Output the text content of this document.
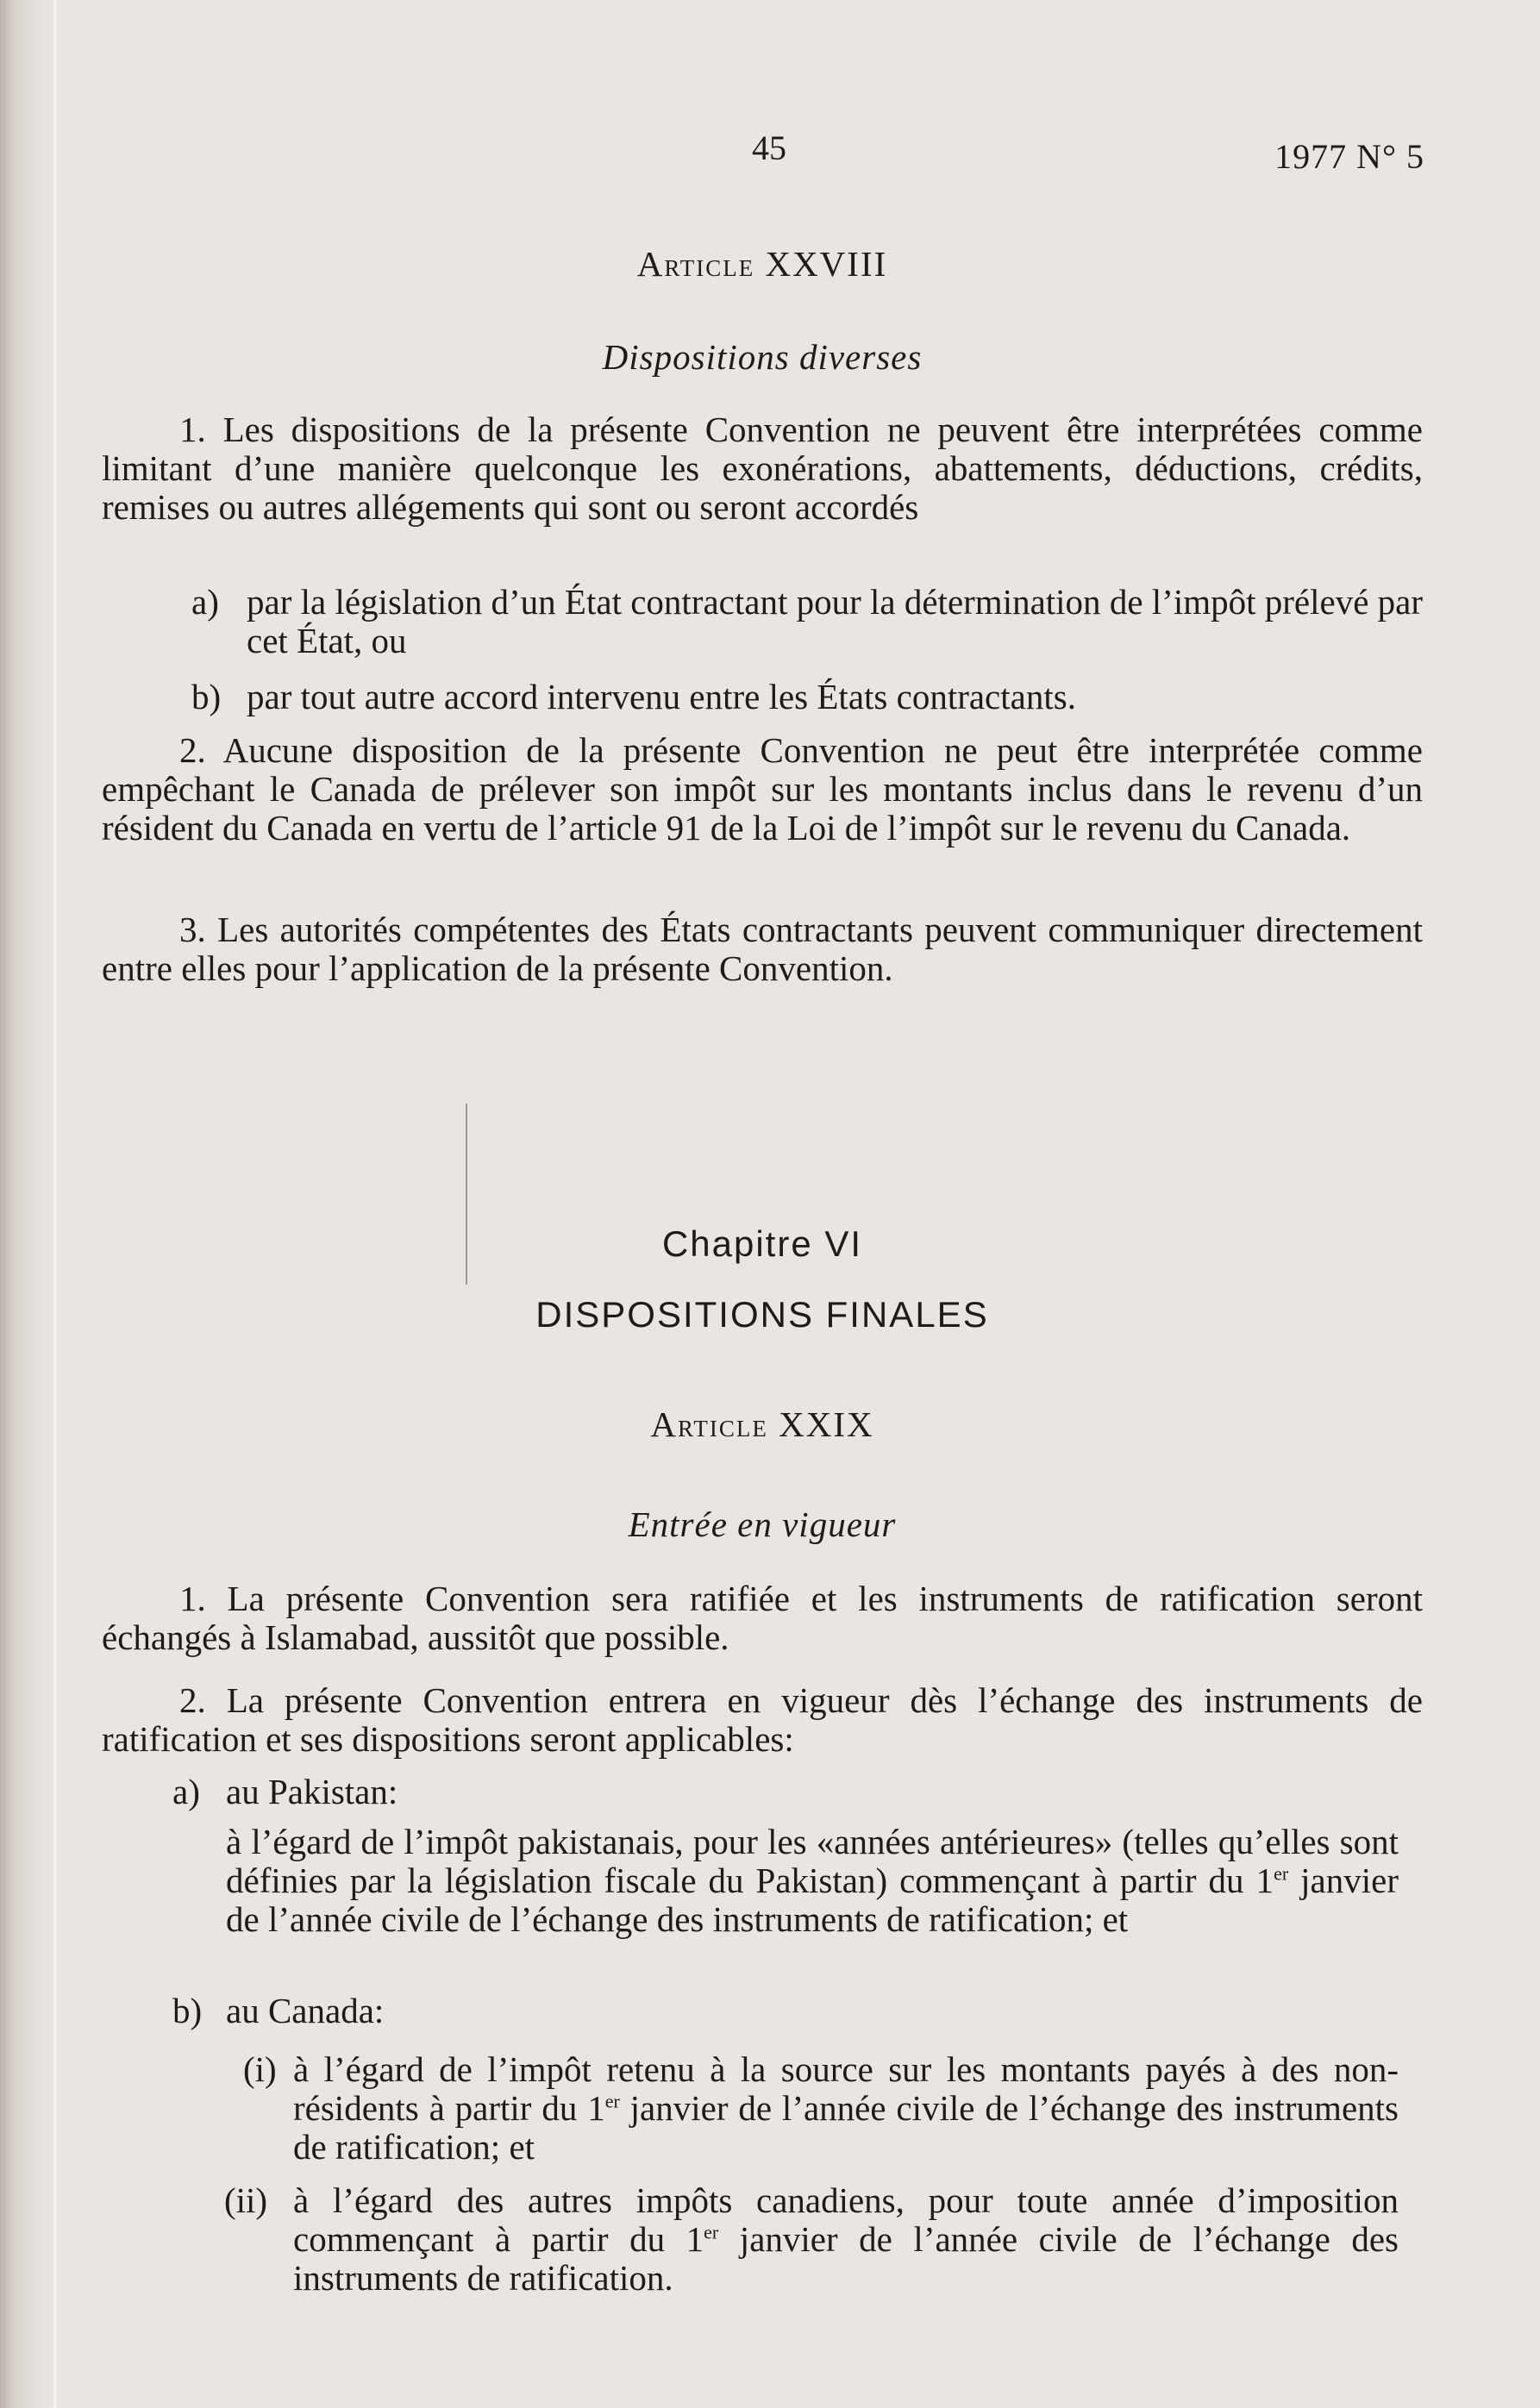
45	1977 N° 5
Article XXVIII
Dispositions diverses
1. Les dispositions de la présente Convention ne peuvent être interprétées comme limitant d’une manière quelconque les exonérations, abattements, déductions, crédits, remises ou autres allégements qui sont ou seront accordés
a) par la législation d’un État contractant pour la détermination de l’impôt prélevé par cet État, ou
b) par tout autre accord intervenu entre les États contractants.
2. Aucune disposition de la présente Convention ne peut être interprétée comme empêchant le Canada de prélever son impôt sur les montants inclus dans le revenu d’un résident du Canada en vertu de l’article 91 de la Loi de l’impôt sur le revenu du Canada.
3. Les autorités compétentes des États contractants peuvent communiquer directement entre elles pour l’application de la présente Convention.
Chapitre VI
DISPOSITIONS FINALES
Article XXIX
Entrée en vigueur
1. La présente Convention sera ratifiée et les instruments de ratification seront échangés à Islamabad, aussitôt que possible.
2. La présente Convention entrera en vigueur dès l’échange des instruments de ratification et ses dispositions seront applicables:
a) au Pakistan:
à l’égard de l’impôt pakistanais, pour les «années antérieures» (telles qu’elles sont définies par la législation fiscale du Pakistan) commençant à partir du 1er janvier de l’année civile de l’échange des instruments de ratification; et
b) au Canada:
(i) à l’égard de l’impôt retenu à la source sur les montants payés à des non-résidents à partir du 1er janvier de l’année civile de l’échange des instruments de ratification; et
(ii) à l’égard des autres impôts canadiens, pour toute année d’imposition commençant à partir du 1er janvier de l’année civile de l’échange des instruments de ratification.
